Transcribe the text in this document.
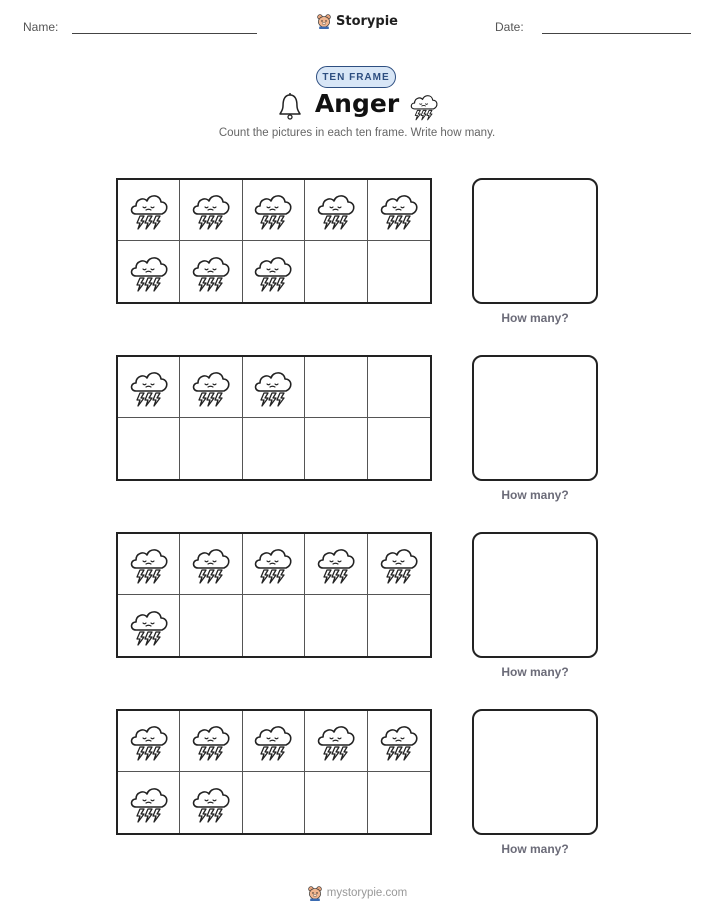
Name:	Storypie	Date:
TEN FRAME
Anger
Count the pictures in each ten frame. Write how many.
How many?
How many?
How many?
How many?
mystorypie.com
